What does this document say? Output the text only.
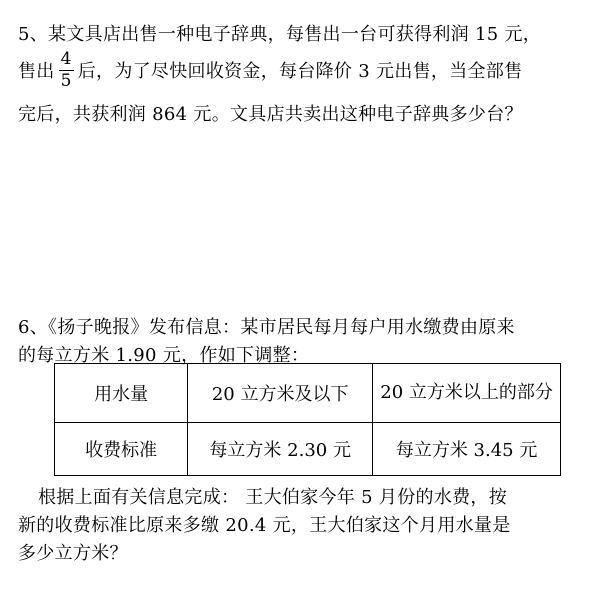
5、某文具店出售一种电子辞典，每售出一台可获得利润 15 元，
售出 $\frac{4}{5}$ 后，为了尽快回收资金，每台降价 3 元出售，当全部售
完后，共获利润 864 元。文具店共卖出这种电子辞典多少台？
6、《扬子晚报》发布信息：某市居民每月每户用水缴费由原来
的每立方米 1.90 元，作如下调整：
用水量	20 立方米及以下	20 立方米以上的部分
收费标准	每立方米 2.30 元	每立方米 3.45 元
根据上面有关信息完成： 王大伯家今年 5 月份的水费，按
新的收费标准比原来多缴 20.4 元，王大伯家这个月用水量是
多少立方米？
